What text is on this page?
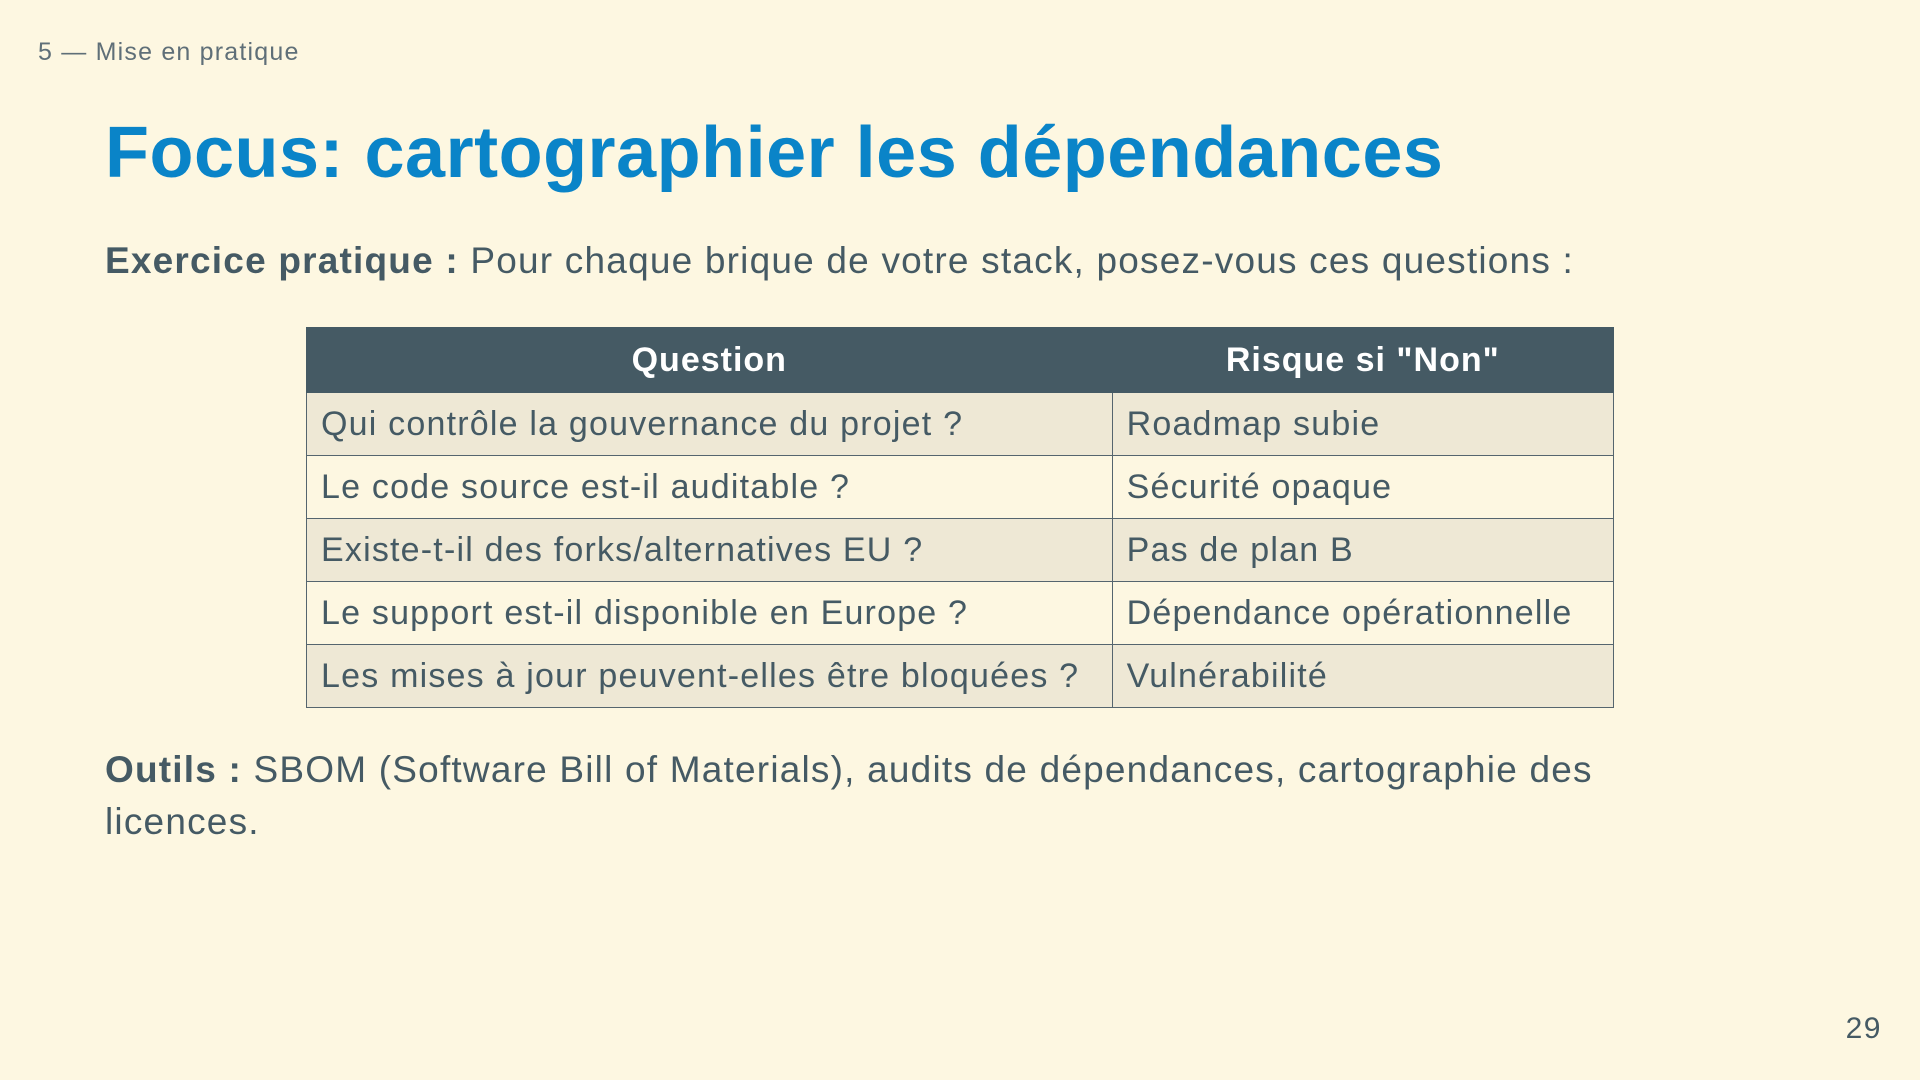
5 — Mise en pratique
Focus: cartographier les dépendances
Exercice pratique : Pour chaque brique de votre stack, posez-vous ces questions :
Question	Risque si "Non"
Qui contrôle la gouvernance du projet ?	Roadmap subie
Le code source est-il auditable ?	Sécurité opaque
Existe-t-il des forks/alternatives EU ?	Pas de plan B
Le support est-il disponible en Europe ?	Dépendance opérationnelle
Les mises à jour peuvent-elles être bloquées ?	Vulnérabilité
Outils : SBOM (Software Bill of Materials), audits de dépendances, cartographie des licences.
29
